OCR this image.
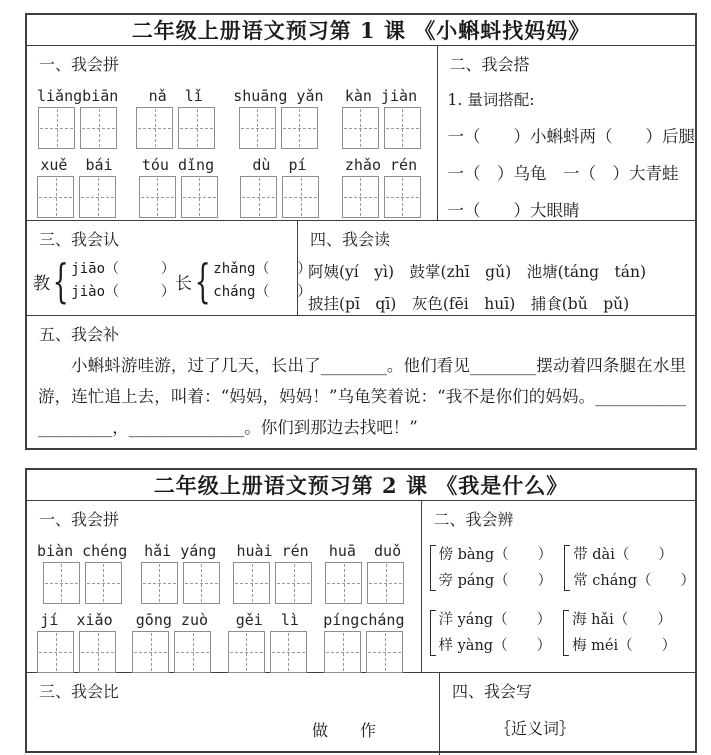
二年级上册语文预习第 1 课 《小蝌蚪找妈妈》
一、我会拼
liǎngbiān nǎ  lǐ shuāng yǎn kàn jiàn
xuě  bái tóu dǐng	dù  pí	zhǎo rén
二、我会搭
1. 量词搭配:
一（　　）小蝌蚪两（　　）后腿
一（　）乌龟　一（　）大青蛙
一（　　）大眼睛
三、我会认
教 { jiāo（　　　）
jiào（　　　） 长 { zhǎng（　　）
cháng（　　）
四、我会读
阿姨(yí　yì)　鼓掌(zhī　gǔ)　池塘(táng　tán)
披挂(pī　qī)　灰色(fēi　huī)　捕食(bǔ　pǔ)
五、我会补
小蝌蚪游哇游，过了几天，长出了________。他们看见________摆动着四条腿在水里游，连忙追上去，叫着：“妈妈，妈妈！”乌龟笑着说：“我不是你们的妈妈。____________________，______________。你们到那边去找吧！”
二年级上册语文预习第 2 课 《我是什么》
一、我会拼
biàn chéng hǎi yáng huài rén huā  duǒ
jí  xiǎo gōng zuò gěi  lì píngcháng
二、我会辨
傍 bàng（　　）
旁 páng（　　）
带 dài（　　）
常 cháng（　　）
洋 yáng（　　）
样 yàng（　　）
海 hǎi（　　）
梅 méi（　　）
三、我会比
做　　作
四、我会写
｛近义词｝
